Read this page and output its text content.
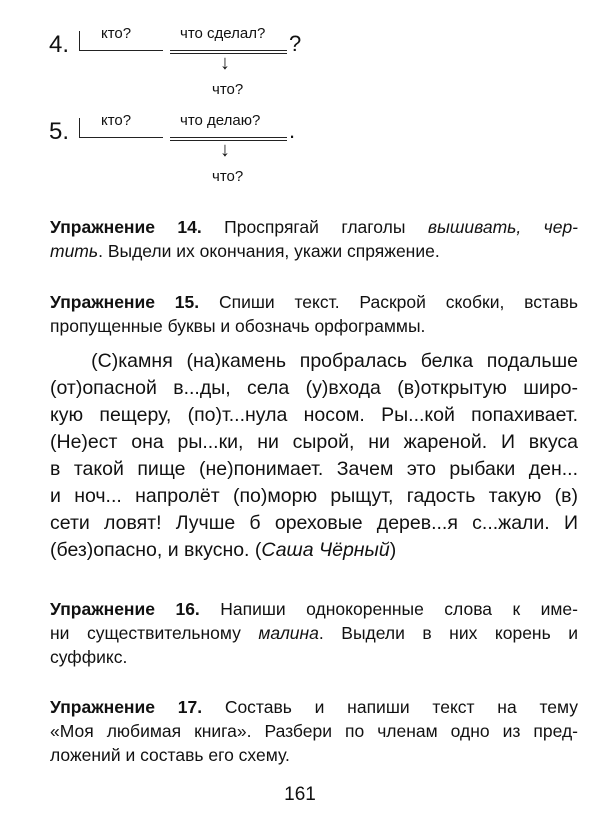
4. кто?	что сделал? ?
↓
что?
5. кто?	что делаю? .
↓
что?
Упражнение 14. Проспрягай глаголы вышивать, чер-
тить. Выдели их окончания, укажи спряжение.
Упражнение 15. Спиши текст. Раскрой скобки, вставь
пропущенные буквы и обозначь орфограммы.
(С)камня (на)камень пробралась белка подальше
(от)опасной в...ды, села (у)входа (в)открытую широ-
кую пещеру, (по)т...нула носом. Ры...кой попахивает.
(Не)ест она ры...ки, ни сырой, ни жареной. И вкуса
в такой пище (не)понимает. Зачем это рыбаки ден...
и ноч... напролёт (по)морю рыщут, гадость такую (в)
сети ловят! Лучше б ореховые дерев...я с...жали. И
(без)опасно, и вкусно. (Саша Чёрный)
Упражнение 16. Напиши однокоренные слова к име-
ни существительному малина. Выдели в них корень и
суффикс.
Упражнение 17. Составь и напиши текст на тему
«Моя любимая книга». Разбери по членам одно из пред-
ложений и составь его схему.
161
